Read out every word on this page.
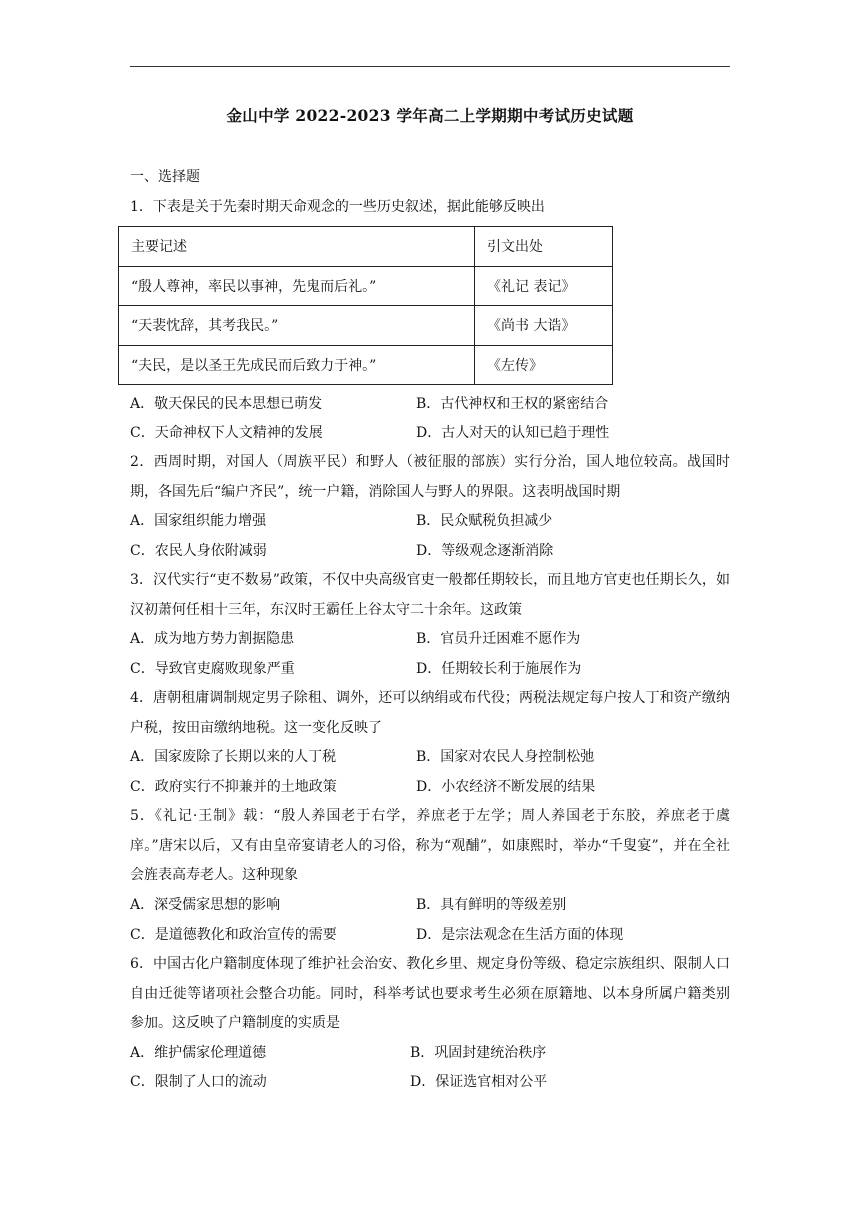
金山中学 2022-2023 学年高二上学期期中考试历史试题
一、选择题
1．下表是关于先秦时期天命观念的一些历史叙述，据此能够反映出
主要记述	引文出处
“殷人尊神，率民以事神，先鬼而后礼。”	《礼记 表记》
“天裴忱辞，其考我民。”	《尚书 大诰》
“夫民，是以圣王先成民而后致力于神。”	《左传》
A．敬天保民的民本思想已萌发	B．古代神权和王权的紧密结合
C．天命神权下人文精神的发展	D．古人对天的认知已趋于理性
2．西周时期，对国人（周族平民）和野人（被征服的部族）实行分治，国人地位较高。战国时期，各国先后“编户齐民”，统一户籍，消除国人与野人的界限。这表明战国时期
A．国家组织能力增强	B．民众赋税负担减少
C．农民人身依附减弱	D．等级观念逐渐消除
3．汉代实行“吏不数易”政策，不仅中央高级官吏一般都任期较长，而且地方官吏也任期长久，如汉初萧何任相十三年，东汉时王霸任上谷太守二十余年。这政策
A．成为地方势力割据隐患	B．官员升迁困难不愿作为
C．导致官吏腐败现象严重	D．任期较长利于施展作为
4．唐朝租庸调制规定男子除租、调外，还可以纳绢或布代役；两税法规定每户按人丁和资产缴纳户税，按田亩缴纳地税。这一变化反映了
A．国家废除了长期以来的人丁税	B．国家对农民人身控制松弛
C．政府实行不抑兼并的土地政策	D．小农经济不断发展的结果
5．《礼记·王制》载：“殷人养国老于右学，养庶老于左学；周人养国老于东胶，养庶老于虞庠。”唐宋以后，又有由皇帝宴请老人的习俗，称为“观酺”，如康熙时，举办“千叟宴”，并在全社会旌表高寿老人。这种现象
A．深受儒家思想的影响	B．具有鲜明的等级差别
C．是道德教化和政治宣传的需要	D．是宗法观念在生活方面的体现
6．中国古化户籍制度体现了维护社会治安、教化乡里、规定身份等级、稳定宗族组织、限制人口自由迁徙等诸项社会整合功能。同时，科举考试也要求考生必须在原籍地、以本身所属户籍类别参加。这反映了户籍制度的实质是
A．维护儒家伦理道德	B．巩固封建统治秩序
C．限制了人口的流动	D．保证选官相对公平
